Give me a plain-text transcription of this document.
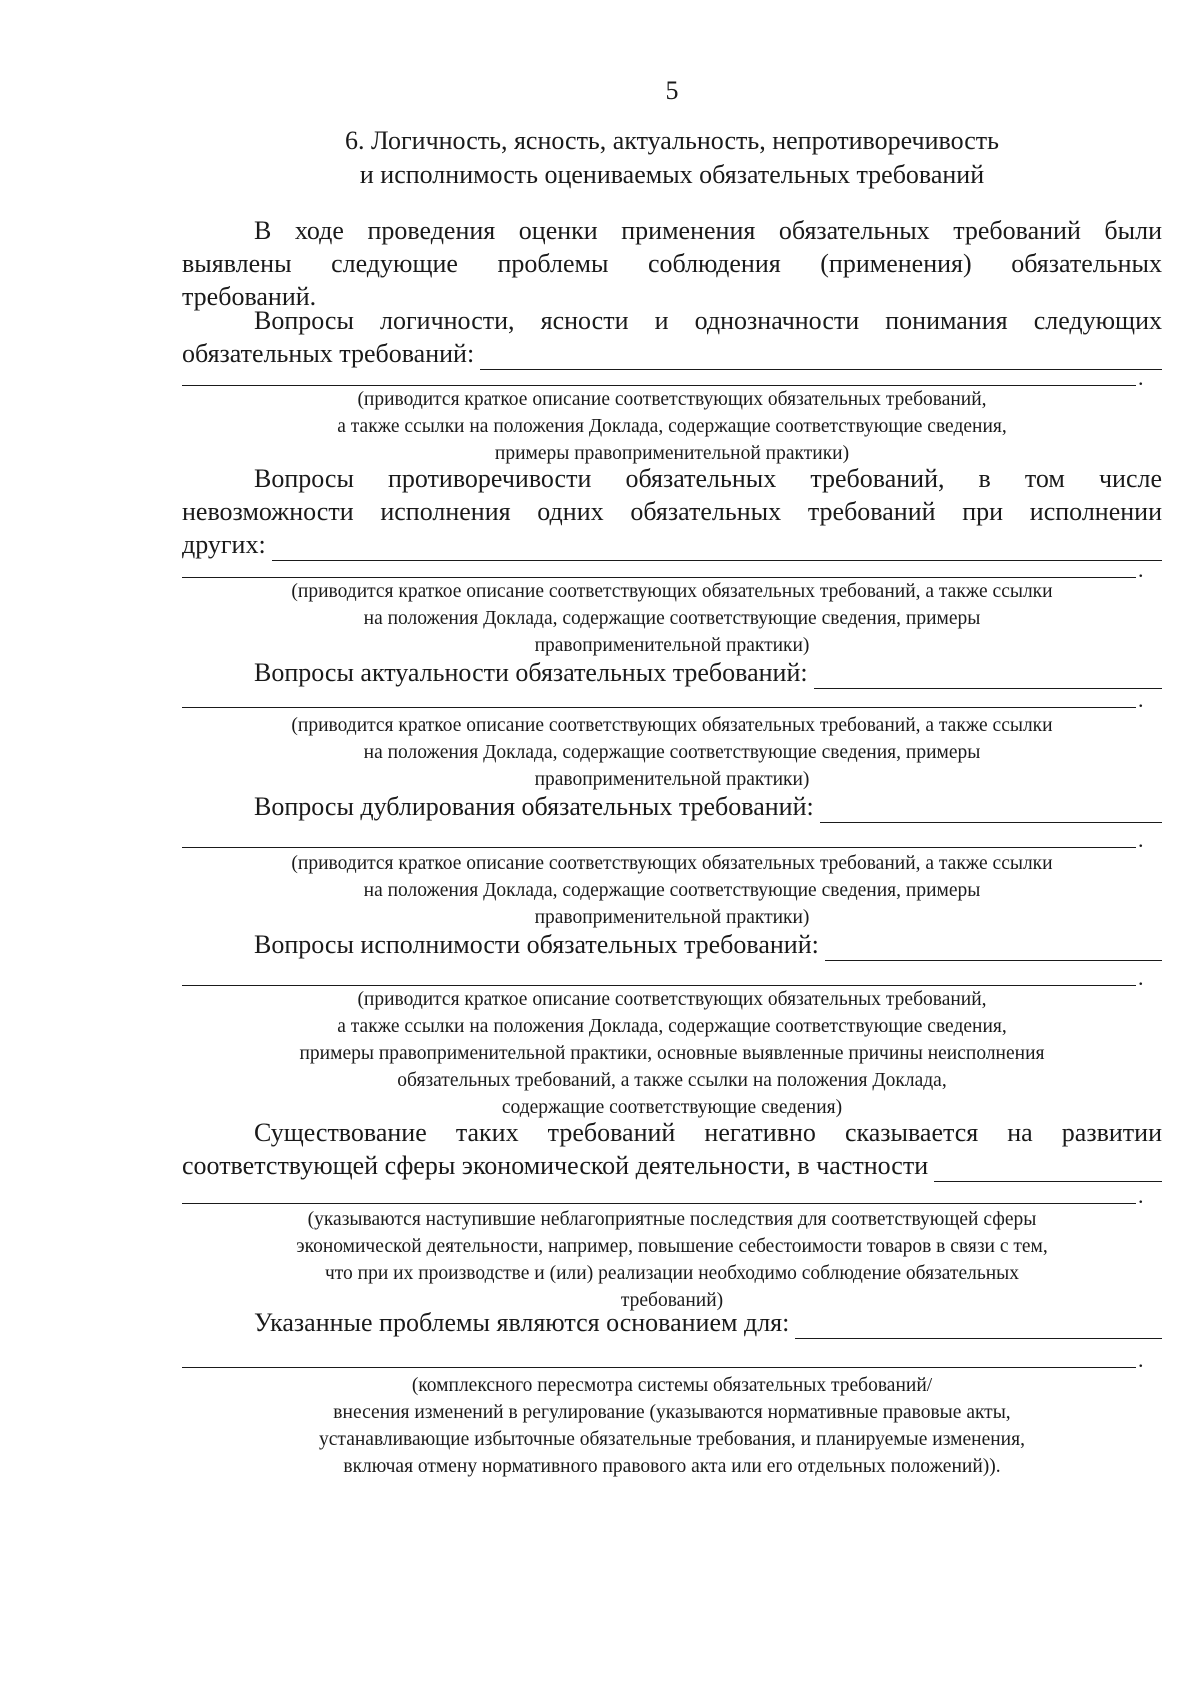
5
6. Логичность, ясность, актуальность, непротиворечивость
и исполнимость оцениваемых обязательных требований
В ходе проведения оценки применения обязательных требований были
выявлены следующие проблемы соблюдения (применения) обязательных
требований.
Вопросы логичности, ясности и однозначности понимания следующих
обязательных требований:
.
(приводится краткое описание соответствующих обязательных требований,
а также ссылки на положения Доклада, содержащие соответствующие сведения,
примеры правоприменительной практики)
Вопросы противоречивости обязательных требований, в том числе
невозможности исполнения одних обязательных требований при исполнении
других:
.
(приводится краткое описание соответствующих обязательных требований, а также ссылки
на положения Доклада, содержащие соответствующие сведения, примеры
правоприменительной практики)
Вопросы актуальности обязательных требований:
.
(приводится краткое описание соответствующих обязательных требований, а также ссылки
на положения Доклада, содержащие соответствующие сведения, примеры
правоприменительной практики)
Вопросы дублирования обязательных требований:
.
(приводится краткое описание соответствующих обязательных требований, а также ссылки
на положения Доклада, содержащие соответствующие сведения, примеры
правоприменительной практики)
Вопросы исполнимости обязательных требований:
.
(приводится краткое описание соответствующих обязательных требований,
а также ссылки на положения Доклада, содержащие соответствующие сведения,
примеры правоприменительной практики, основные выявленные причины неисполнения
обязательных требований, а также ссылки на положения Доклада,
содержащие соответствующие сведения)
Существование таких требований негативно сказывается на развитии
соответствующей сферы экономической деятельности, в частности
.
(указываются наступившие неблагоприятные последствия для соответствующей сферы
экономической деятельности, например, повышение себестоимости товаров в связи с тем,
что при их производстве и (или) реализации необходимо соблюдение обязательных
требований)
Указанные проблемы являются основанием для:
.
(комплексного пересмотра системы обязательных требований/
внесения изменений в регулирование (указываются нормативные правовые акты,
устанавливающие избыточные обязательные требования, и планируемые изменения,
включая отмену нормативного правового акта или его отдельных положений)).
